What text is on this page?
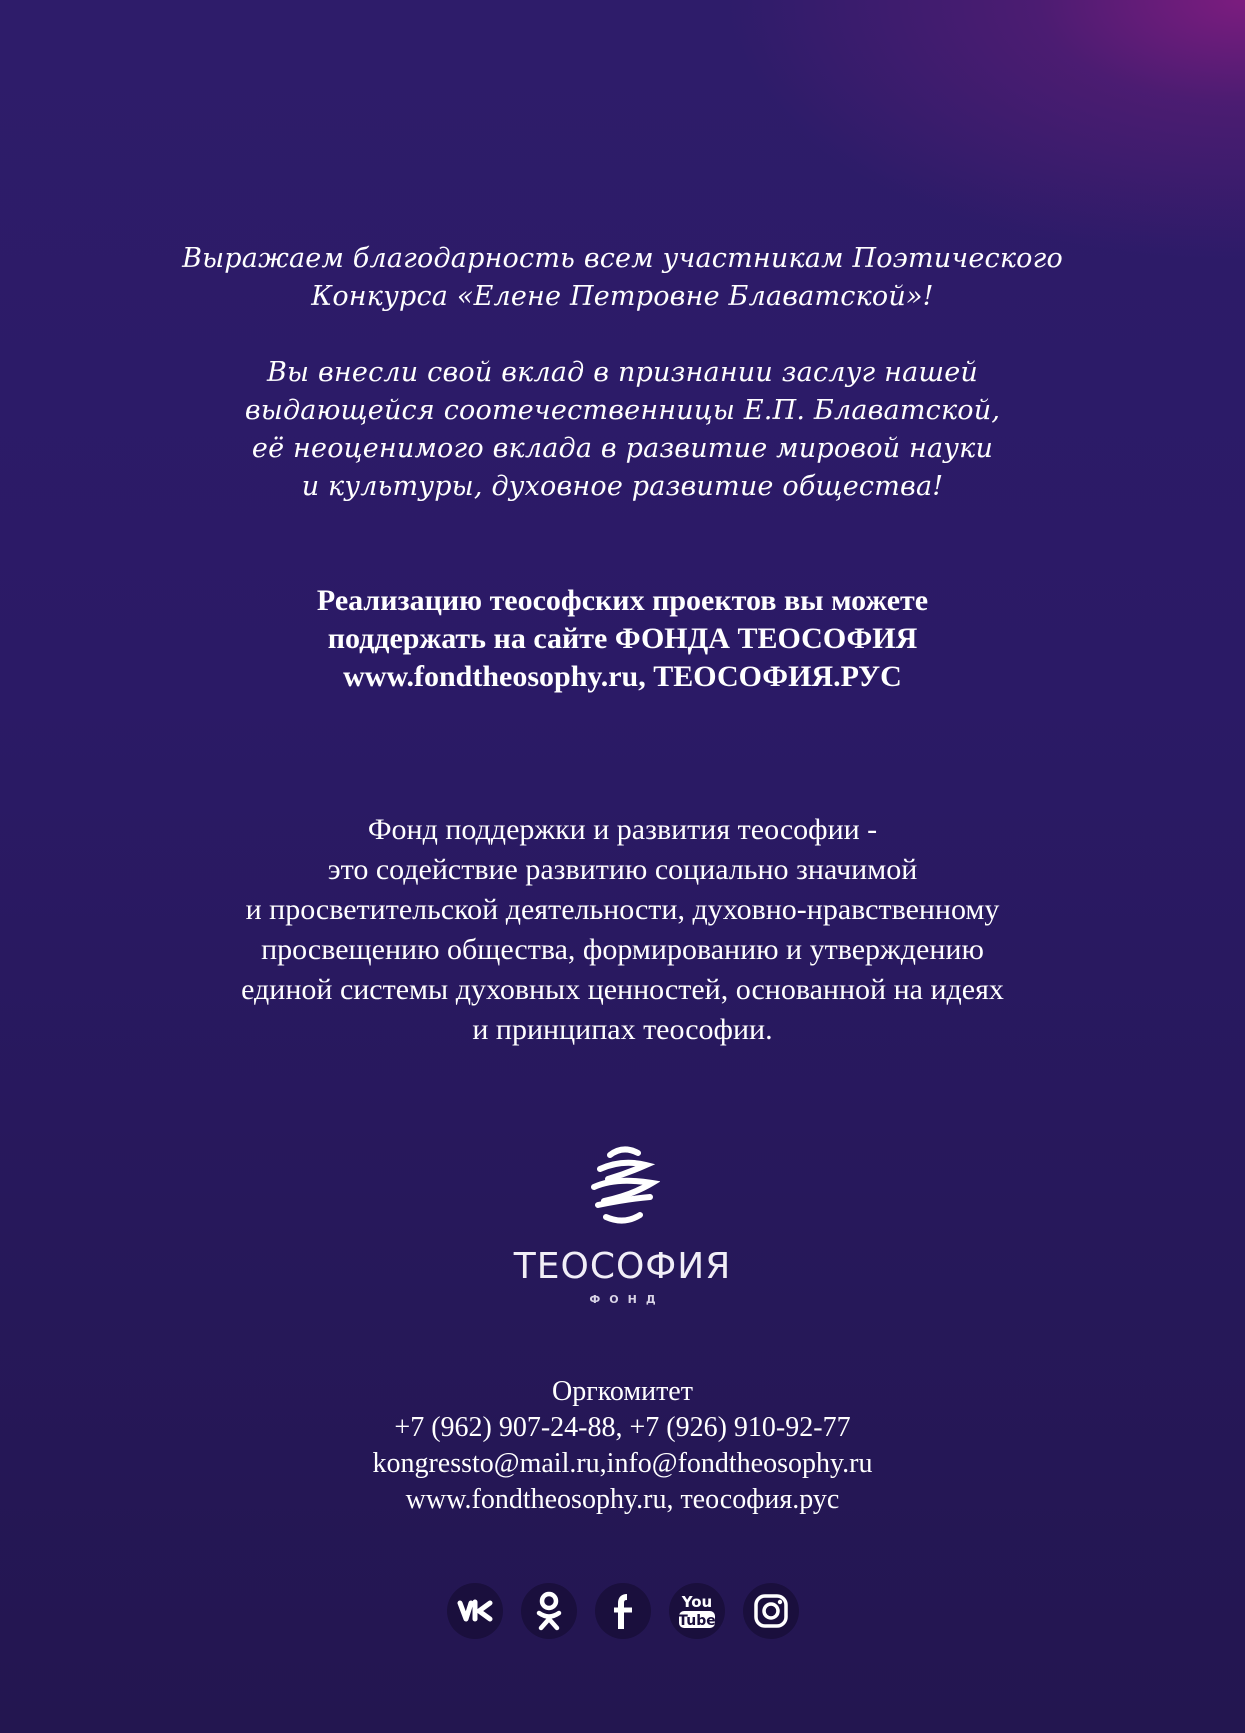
Выражаем благодарность всем участникам Поэтического

Конкурса «Елене Петровне Блаватской»!

Вы внесли свой вклад в признании заслуг нашей

выдающейся соотечественницы Е.П. Блаватской,

её неоценимого вклада в развитие мировой науки

и культуры, духовное развитие общества!

Реализацию теософских проектов вы можете

поддержать на сайте ФОНДА ТЕОСОФИЯ

www.fondtheosophy.ru, ТЕОСОФИЯ.РУС

Фонд поддержки и развития теософии -

это содействие развитию социально значимой

и просветительской деятельности, духовно-нравственному

просвещению общества, формированию и утверждению

единой системы духовных ценностей, основанной на идеях

и принципах теософии.

ТЕОСОФИЯ
ФОНД

Оргкомитет

+7 (962) 907-24-88, +7 (926) 910-92-77

kongressto@mail.ru,info@fondtheosophy.ru

www.fondtheosophy.ru, теософия.рус

You
Tube
